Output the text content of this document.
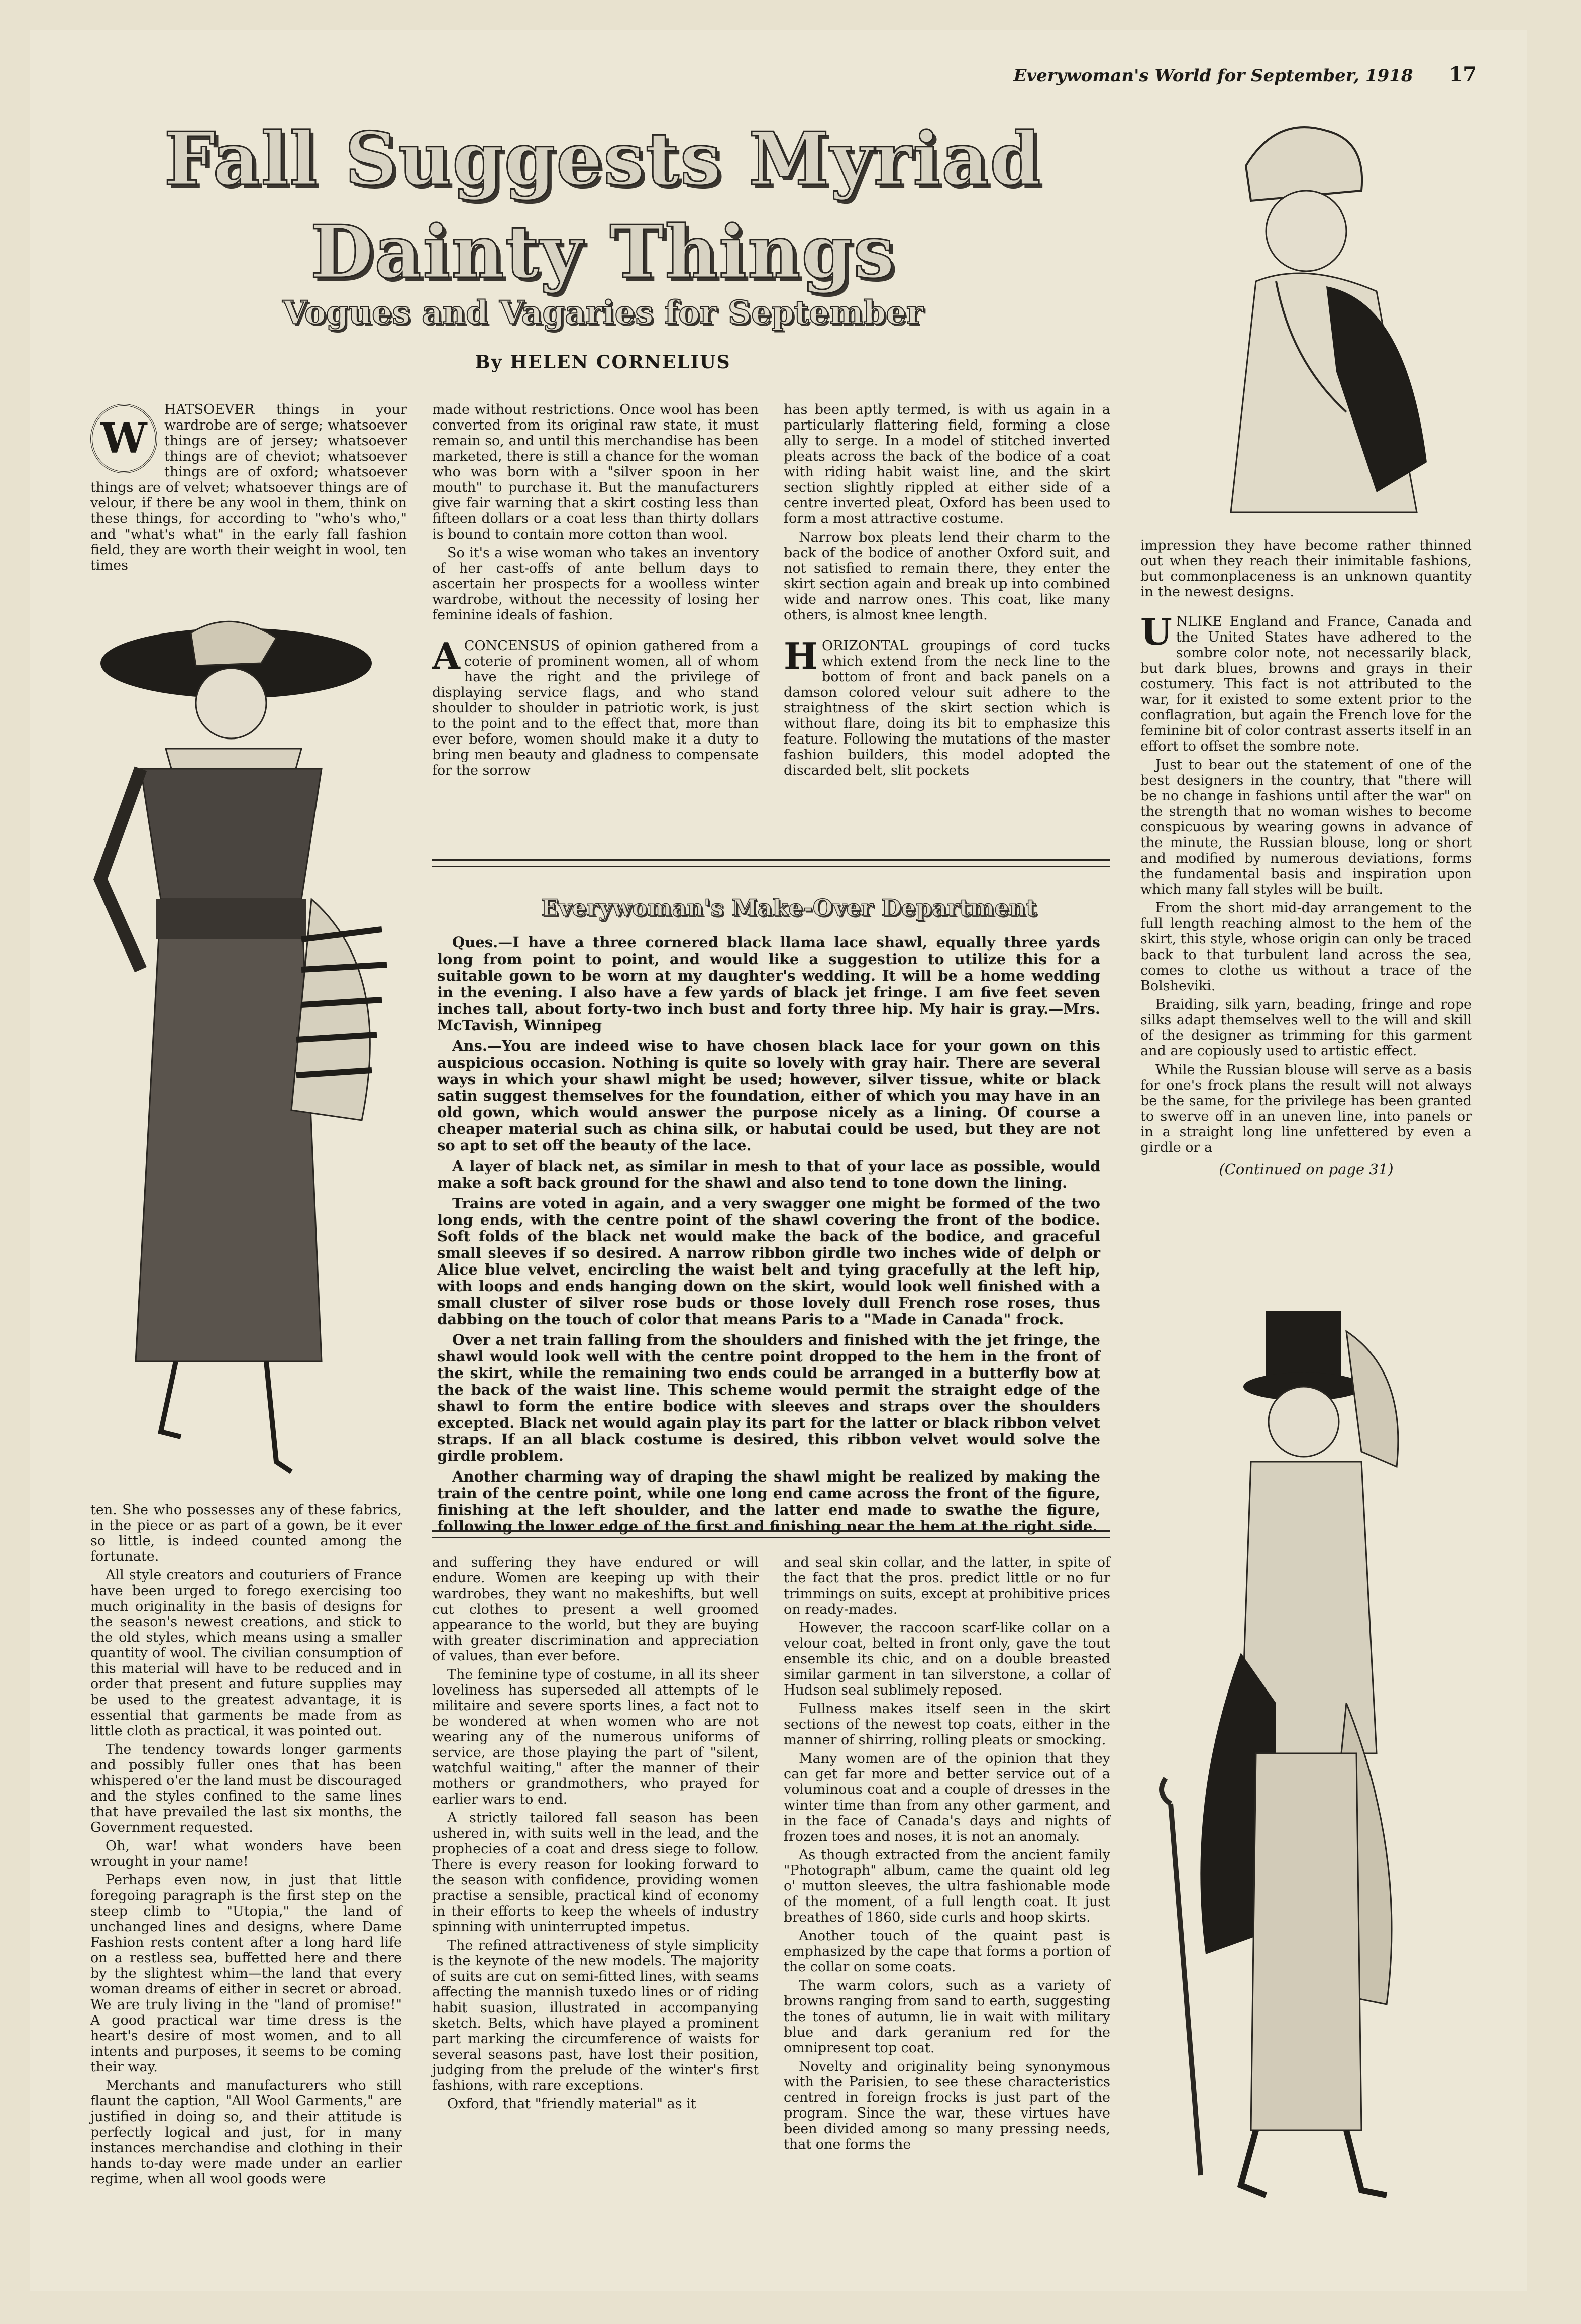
Everywoman's World for September, 1918 17
Fall Suggests Myriad
Dainty Things
Vogues and Vagaries for September
By HELEN CORNELIUS
W

HATSOEVER things in your wardrobe are of serge; whatsoever things are of jersey; whatsoever things are of cheviot; whatsoever things are of oxford; whatsoever things are of velvet; whatsoever things are of velour, if there be any wool in them, think on these things, for according to "who's who," and "what's what" in the early fall fashion field, they are worth their weight in wool, ten times

made without restrictions. Once wool has been converted from its original raw state, it must remain so, and until this merchandise has been marketed, there is still a chance for the woman who was born with a "silver spoon in her mouth" to purchase it. But the manufacturers give fair warning that a skirt costing less than fifteen dollars or a coat less than thirty dollars is bound to contain more cotton than wool.

So it's a wise woman who takes an inventory of her cast-offs of ante bellum days to ascertain her prospects for a woolless winter wardrobe, without the necessity of losing her feminine ideals of fashion.

ACONCENSUS of opinion gathered from a coterie of prominent women, all of whom have the right and the privilege of displaying service flags, and who stand shoulder to shoulder in patriotic work, is just to the point and to the effect that, more than ever before, women should make it a duty to bring men beauty and gladness to compensate for the sorrow

has been aptly termed, is with us again in a particularly flattering field, forming a close ally to serge. In a model of stitched inverted pleats across the back of the bodice of a coat with riding habit waist line, and the skirt section slightly rippled at either side of a centre inverted pleat, Oxford has been used to form a most attractive costume.

Narrow box pleats lend their charm to the back of the bodice of another Oxford suit, and not satisfied to remain there, they enter the skirt section again and break up into combined wide and narrow ones. This coat, like many others, is almost knee length.

HORIZONTAL groupings of cord tucks which extend from the neck line to the bottom of front and back panels on a damson colored velour suit adhere to the straightness of the skirt section which is without flare, doing its bit to emphasize this feature. Following the mutations of the master fashion builders, this model adopted the discarded belt, slit pockets

impression they have become rather thinned out when they reach their inimitable fashions, but commonplaceness is an unknown quantity in the newest designs.

UNLIKE England and France, Canada and the United States have adhered to the sombre color note, not necessarily black, but dark blues, browns and grays in their costumery. This fact is not attributed to the war, for it existed to some extent prior to the conflagration, but again the French love for the feminine bit of color contrast asserts itself in an effort to offset the sombre note.

Just to bear out the statement of one of the best designers in the country, that "there will be no change in fashions until after the war" on the strength that no woman wishes to become conspicuous by wearing gowns in advance of the minute, the Russian blouse, long or short and modified by numerous deviations, forms the fundamental basis and inspiration upon which many fall styles will be built.

From the short mid-day arrangement to the full length reaching almost to the hem of the skirt, this style, whose origin can only be traced back to that turbulent land across the sea, comes to clothe us without a trace of the Bolsheviki.

Braiding, silk yarn, beading, fringe and rope silks adapt themselves well to the will and skill of the designer as trimming for this garment and are copiously used to artistic effect.

While the Russian blouse will serve as a basis for one's frock plans the result will not always be the same, for the privilege has been granted to swerve off in an uneven line, into panels or in a straight long line unfettered by even a girdle or a

(Continued on page 31)
Everywoman's Make-Over Department

Ques.—I have a three cornered black llama lace shawl, equally three yards long from point to point, and would like a suggestion to utilize this for a suitable gown to be worn at my daughter's wedding. It will be a home wedding in the evening. I also have a few yards of black jet fringe. I am five feet seven inches tall, about forty-two inch bust and forty three hip. My hair is gray.—Mrs. McTavish, Winnipeg

Ans.—You are indeed wise to have chosen black lace for your gown on this auspicious occasion. Nothing is quite so lovely with gray hair. There are several ways in which your shawl might be used; however, silver tissue, white or black satin suggest themselves for the foundation, either of which you may have in an old gown, which would answer the purpose nicely as a lining. Of course a cheaper material such as china silk, or habutai could be used, but they are not so apt to set off the beauty of the lace.

A layer of black net, as similar in mesh to that of your lace as possible, would make a soft back ground for the shawl and also tend to tone down the lining.

Trains are voted in again, and a very swagger one might be formed of the two long ends, with the centre point of the shawl covering the front of the bodice. Soft folds of the black net would make the back of the bodice, and graceful small sleeves if so desired. A narrow ribbon girdle two inches wide of delph or Alice blue velvet, encircling the waist belt and tying gracefully at the left hip, with loops and ends hanging down on the skirt, would look well finished with a small cluster of silver rose buds or those lovely dull French rose roses, thus dabbing on the touch of color that means Paris to a "Made in Canada" frock.

Over a net train falling from the shoulders and finished with the jet fringe, the shawl would look well with the centre point dropped to the hem in the front of the skirt, while the remaining two ends could be arranged in a butterfly bow at the back of the waist line. This scheme would permit the straight edge of the shawl to form the entire bodice with sleeves and straps over the shoulders excepted. Black net would again play its part for the latter or black ribbon velvet straps. If an all black costume is desired, this ribbon velvet would solve the girdle problem.

Another charming way of draping the shawl might be realized by making the train of the centre point, while one long end came across the front of the figure, finishing at the left shoulder, and the latter end made to swathe the figure, following the lower edge of the first and finishing near the hem at the right side.

ten. She who possesses any of these fabrics, in the piece or as part of a gown, be it ever so little, is indeed counted among the fortunate.

All style creators and couturiers of France have been urged to forego exercising too much originality in the basis of designs for the season's newest creations, and stick to the old styles, which means using a smaller quantity of wool. The civilian consumption of this material will have to be reduced and in order that present and future supplies may be used to the greatest advantage, it is essential that garments be made from as little cloth as practical, it was pointed out.

The tendency towards longer garments and possibly fuller ones that has been whispered o'er the land must be discouraged and the styles confined to the same lines that have prevailed the last six months, the Government requested.

Oh, war! what wonders have been wrought in your name!

Perhaps even now, in just that little foregoing paragraph is the first step on the steep climb to "Utopia," the land of unchanged lines and designs, where Dame Fashion rests content after a long hard life on a restless sea, buffetted here and there by the slightest whim—the land that every woman dreams of either in secret or abroad. We are truly living in the "land of promise!" A good practical war time dress is the heart's desire of most women, and to all intents and purposes, it seems to be coming their way.

Merchants and manufacturers who still flaunt the caption, "All Wool Garments," are justified in doing so, and their attitude is perfectly logical and just, for in many instances merchandise and clothing in their hands to-day were made under an earlier regime, when all wool goods were

and suffering they have endured or will endure. Women are keeping up with their wardrobes, they want no makeshifts, but well cut clothes to present a well groomed appearance to the world, but they are buying with greater discrimination and appreciation of values, than ever before.

The feminine type of costume, in all its sheer loveliness has superseded all attempts of le militaire and severe sports lines, a fact not to be wondered at when women who are not wearing any of the numerous uniforms of service, are those playing the part of "silent, watchful waiting," after the manner of their mothers or grandmothers, who prayed for earlier wars to end.

A strictly tailored fall season has been ushered in, with suits well in the lead, and the prophecies of a coat and dress siege to follow. There is every reason for looking forward to the season with confidence, providing women practise a sensible, practical kind of economy in their efforts to keep the wheels of industry spinning with uninterrupted impetus.

The refined attractiveness of style simplicity is the keynote of the new models. The majority of suits are cut on semi-fitted lines, with seams affecting the mannish tuxedo lines or of riding habit suasion, illustrated in accompanying sketch. Belts, which have played a prominent part marking the circumference of waists for several seasons past, have lost their position, judging from the prelude of the winter's first fashions, with rare exceptions.

Oxford, that "friendly material" as it

and seal skin collar, and the latter, in spite of the fact that the pros. predict little or no fur trimmings on suits, except at prohibitive prices on ready-mades.

However, the raccoon scarf-like collar on a velour coat, belted in front only, gave the tout ensemble its chic, and on a double breasted similar garment in tan silverstone, a collar of Hudson seal sublimely reposed.

Fullness makes itself seen in the skirt sections of the newest top coats, either in the manner of shirring, rolling pleats or smocking.

Many women are of the opinion that they can get far more and better service out of a voluminous coat and a couple of dresses in the winter time than from any other garment, and in the face of Canada's days and nights of frozen toes and noses, it is not an anomaly.

As though extracted from the ancient family "Photograph" album, came the quaint old leg o' mutton sleeves, the ultra fashionable mode of the moment, of a full length coat. It just breathes of 1860, side curls and hoop skirts.

Another touch of the quaint past is emphasized by the cape that forms a portion of the collar on some coats.

The warm colors, such as a variety of browns ranging from sand to earth, suggesting the tones of autumn, lie in wait with military blue and dark geranium red for the omnipresent top coat.

Novelty and originality being synonymous with the Parisien, to see these characteristics centred in foreign frocks is just part of the program. Since the war, these virtues have been divided among so many pressing needs, that one forms the
